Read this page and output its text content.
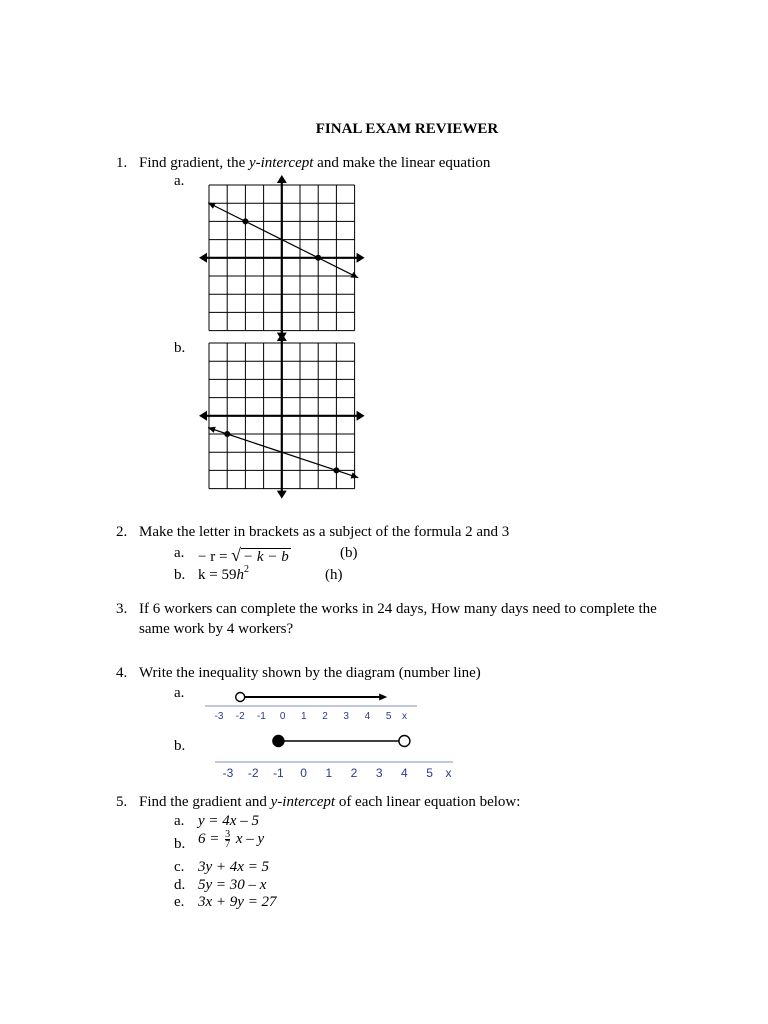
FINAL EXAM REVIEWER
1. Find gradient, the y-intercept and make the linear equation
a.
b.
2. Make the letter in brackets as a subject of the formula 2 and 3
a. − r = √ − k − b	(b)
b. $k = 59h^2$	(h)
3. If 6 workers can complete the works in 24 days, How many days need to complete the
same work by 4 workers?
4. Write the inequality shown by the diagram (number line)
a.
-3 -2 -1 0 1 2 3 4 5 x
b.
-3 -2 -1 0 1 2 3 4 5 x
5. Find the gradient and y-intercept of each linear equation below:
a. y = 4x – 5
b. $6 = \frac{3}{7}$ x – y
c. 3y + 4x = 5
d. 5y = 30 – x
e. 3x + 9y = 27
